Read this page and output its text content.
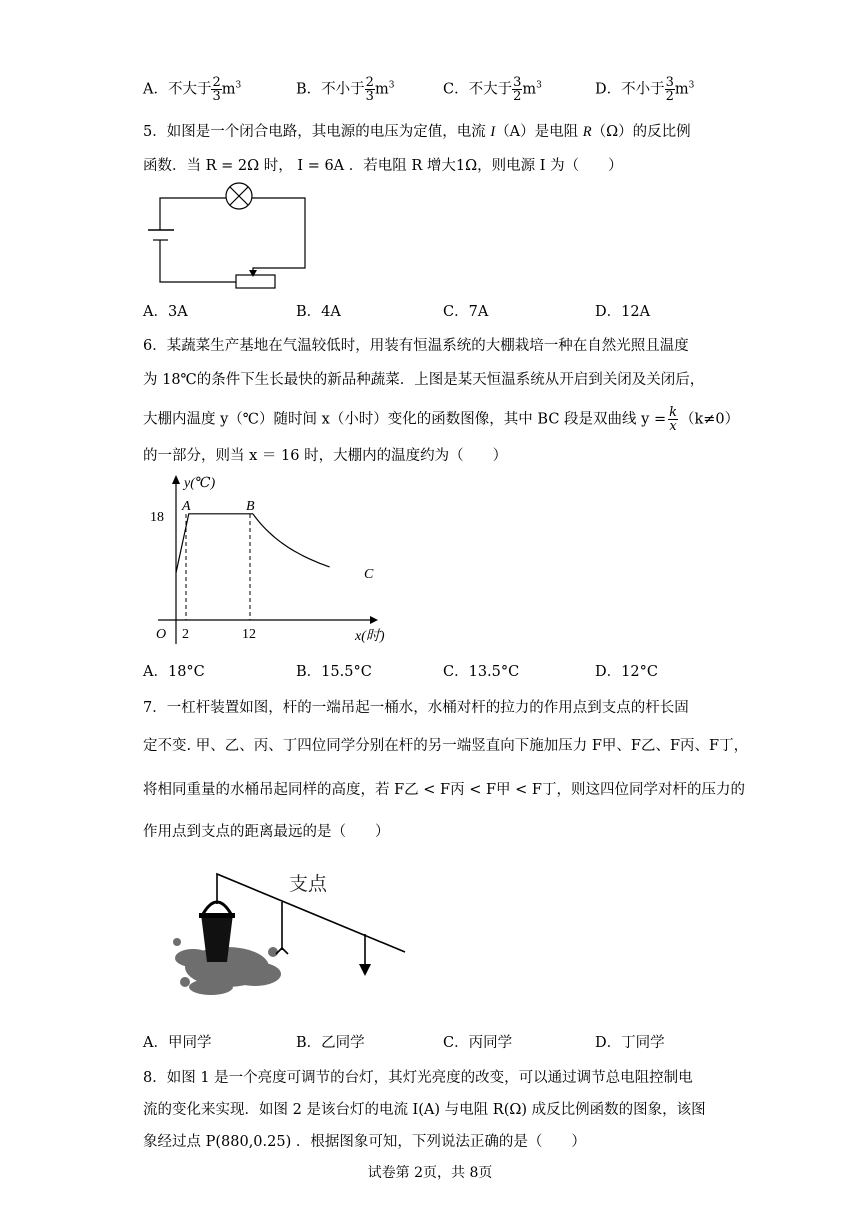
A．不大于 $\frac{2}{3} m^3$	B．不小于 $\frac{2}{3} m^3$	C．不大于 $\frac{3}{2} m^3$	D．不小于 $\frac{3}{2} m^3$
5．如图是一个闭合电路，其电源的电压为定值，电流 I（A）是电阻 R（Ω）的反比例
函数．当 R = 2Ω 时， I = 6A ．若电阻 R 增大1Ω，则电源 I 为（　　）
A．3A	B．4A	C．7A	D．12A
6．某蔬菜生产基地在气温较低时，用装有恒温系统的大棚栽培一种在自然光照且温度
为 18℃的条件下生长最快的新品种蔬菜．上图是某天恒温系统从开启到关闭及关闭后，
大棚内温度 y（℃）随时间 x（小时）变化的函数图像，其中 BC 段是双曲线 $y = \frac{k}{x} (k\ne 0)$
的一部分，则当 x ＝ 16 时，大棚内的温度约为（　　）
y(℃)
18
A	B
C
O 2	12	x(时)
A．18°C	B．15.5°C	C．13.5°C	D．12°C
7．一杠杆装置如图，杆的一端吊起一桶水，水桶对杆的拉力的作用点到支点的杆长固
定不变. 甲、乙、丙、丁四位同学分别在杆的另一端竖直向下施加压力 F甲、F乙、F丙、F丁，
将相同重量的水桶吊起同样的高度，若 F乙 < F丙 < F甲 < F丁，则这四位同学对杆的压力的
作用点到支点的距离最远的是（　　）
支点
A．甲同学	B．乙同学	C．丙同学	D．丁同学
8．如图 1 是一个亮度可调节的台灯，其灯光亮度的改变，可以通过调节总电阻控制电
流的变化来实现．如图 2 是该台灯的电流 I(A) 与电阻 R(Ω) 成反比例函数的图象，该图
象经过点 P(880,0.25) ．根据图象可知，下列说法正确的是（　　）
试卷第 2页，共 8页
